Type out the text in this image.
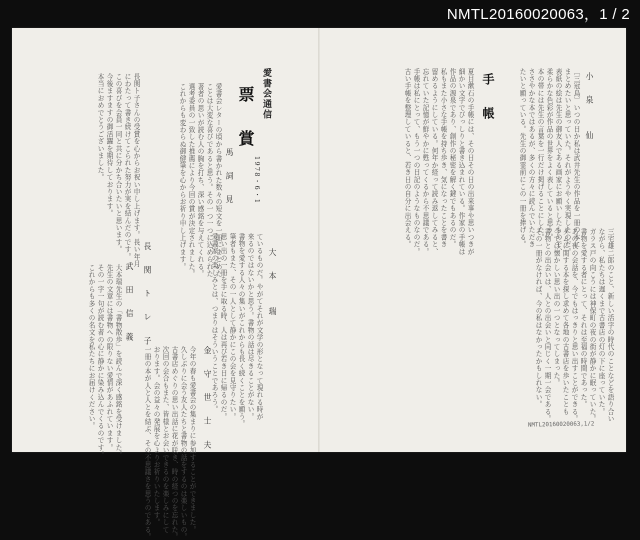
NMTL20160020063，1 / 2
愛書会通信
票　賞
1978・6・1
馬　詞　見
愛書会レターの頃から書かれた数々の短文を一冊にまとめた
ことは大変な喜びであると思う。その一つ一つに込められた
著者の思いが読む人の胸を打ち、深い感銘を与えてくれる。
選考委員の一致した推薦により今回の賞が決定されました。
これからも変わらぬ御健筆を心からお祈り申し上げます。
長　関　ト　レ　子
長関ト子さんの受賞を心からお祝い申し上げます。長い年月
にわたって書き続けてこられた努力が実を結んだのです。
この喜びを会員一同と共に分かち合いたいと思います。
今後ますますの御活躍を期待しております。
本当におめでとうございました。
大　本　　瑞
ているものだ。やがてそれが文学の形となって現れる時が
来るのではないかと思う。書物の話は尽きることがない。
書物を愛する人々の集いがこれからも長く続くことを願う。
筆者もまた、その一人として静かにこの会を見守りたい。
思い出の一冊を手に取る時、人は再び若き日に帰るのだ。
愛書家の楽しみとは、つまりはそういうことであろう。
武　田　信　義
大本瑞先生の「書物散歩」を読んで深く感銘を受けました。
先生の文章には書物への限りない愛情があふれています。
その一字一句が読む者の心に静かに染み込んでくるのです。
これからも多くの名文を私たちにお届けください。	金　守　世　士　夫
今年の春も愛書会の集まりに参加することができました。
久しぶりに会う友人たちと書物の話をするのは楽しいもの。
古書店めぐりの思い出話に花が咲き、時の経つのを忘れた。
次回の会合もまた、皆様とお会いできるのを楽しみにして
おります。会の益々の発展を心よりお祈りいたします。
一冊の本が人と人とを結ぶ、その不思議さを思うのである。
小　泉　　仙
〔三冠鳥〕いつの日か私は武井先生の作品を一冊の本に
まとめたいと思っていた。それがようやく実現したのだ。
表紙の絵は先生の御友人である画家にお願いしたもので、
柔らかな色彩が作品の世界をよく表していると思う。
本の帯には先生の言葉を一行だけ掲げることにした。
ささやかな本ではあるが、多くの方々に読んでいただき
たいと願っている。先生の御霊前にこの一冊を捧げる。
手　帳
夏目漱石の手帳には、その日その日の出来事や思いつきが
細かい文字でびっしりと書き込まれている。作家の手帳は
作品の源泉であり、創作の秘密を解く鍵でもあるのだ。
私もまた小さな手帳を持ち歩き、気になったことを書き
留めるようにしている。何年か経って読み返してみると、
忘れていた記憶が鮮やかに甦ってくるから不思議である。
手帳は私にとって、もう一つの日記のようなものなのだ。
古い手帳を整理していると、若き日の自分に出会える。
三宅雄二郎のこと、新しい活字の時代のことなどを語り合い
ながら、私たちは遅くまで古書店の灯の下に座っていた。
ガラス戸の向こうには神保町の夜の街が静かに眠っていた。
書物を愛する者にとって、それは至福の時間であった。
あの夜の会話を、今でもはっきりと思い出すことができる。
ダムに関する本を探し求めて各地の古書店を歩いたことも
今では懐かしい思い出の一つとなってしまった。
書物との出会いは、人との出会いと同じく一期一会である。
その一冊がなければ、今の私はなかったかもしれない。
NMTL20160020063,1/2
